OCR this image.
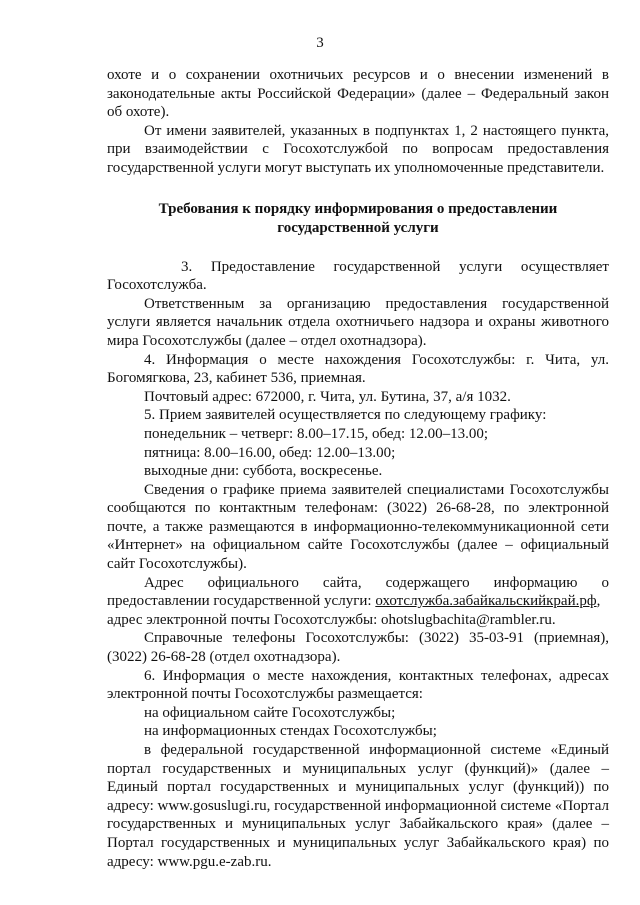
3

охоте и о сохранении охотничьих ресурсов и о внесении изменений в

законодательные акты Российской Федерации» (далее – Федеральный закон об охоте).

От имени заявителей, указанных в подпунктах 1, 2 настоящего пункта, при взаимодействии с Госохотслужбой по вопросам предоставления государственной услуги могут выступать их уполномоченные представители.

Требования к порядку информирования о предоставлении
государственной услуги

3. Предоставление государственной услуги осуществляет

Госохотслужба.

Ответственным за организацию предоставления государственной услуги является начальник отдела охотничьего надзора и охраны животного мира Госохотслужбы (далее – отдел охотнадзора).

4. Информация о месте нахождения Госохотслужбы: г. Чита, ул. Богомягкова, 23, кабинет 536, приемная.

Почтовый адрес: 672000, г. Чита, ул. Бутина, 37, а/я 1032.

5. Прием заявителей осуществляется по следующему графику:

понедельник – четверг: 8.00–17.15, обед: 12.00–13.00;

пятница: 8.00–16.00, обед: 12.00–13.00;

выходные дни: суббота, воскресенье.

Сведения о графике приема заявителей специалистами Госохотслужбы сообщаются по контактным телефонам: (3022) 26-68-28, по электронной почте, а также размещаются в информационно-телекоммуникационной сети «Интернет» на официальном сайте Госохотслужбы (далее – официальный сайт Госохотслужбы).

Адрес официального сайта, содержащего информацию о

предоставлении государственной услуги: охотслужба.забайкальскийкрай.рф,

адрес электронной почты Госохотслужбы: ohotslugbachita@rambler.ru.

Справочные телефоны Госохотслужбы: (3022) 35-03-91 (приемная), (3022) 26-68-28 (отдел охотнадзора).

6. Информация о месте нахождения, контактных телефонах, адресах электронной почты Госохотслужбы размещается:

на официальном сайте Госохотслужбы;

на информационных стендах Госохотслужбы;

в федеральной государственной информационной системе «Единый портал государственных и муниципальных услуг (функций)» (далее – Единый портал государственных и муниципальных услуг (функций)) по адресу: www.gosuslugi.ru, государственной информационной системе «Портал государственных и муниципальных услуг Забайкальского края» (далее – Портал государственных и муниципальных услуг Забайкальского края) по адресу: www.pgu.e-zab.ru.
